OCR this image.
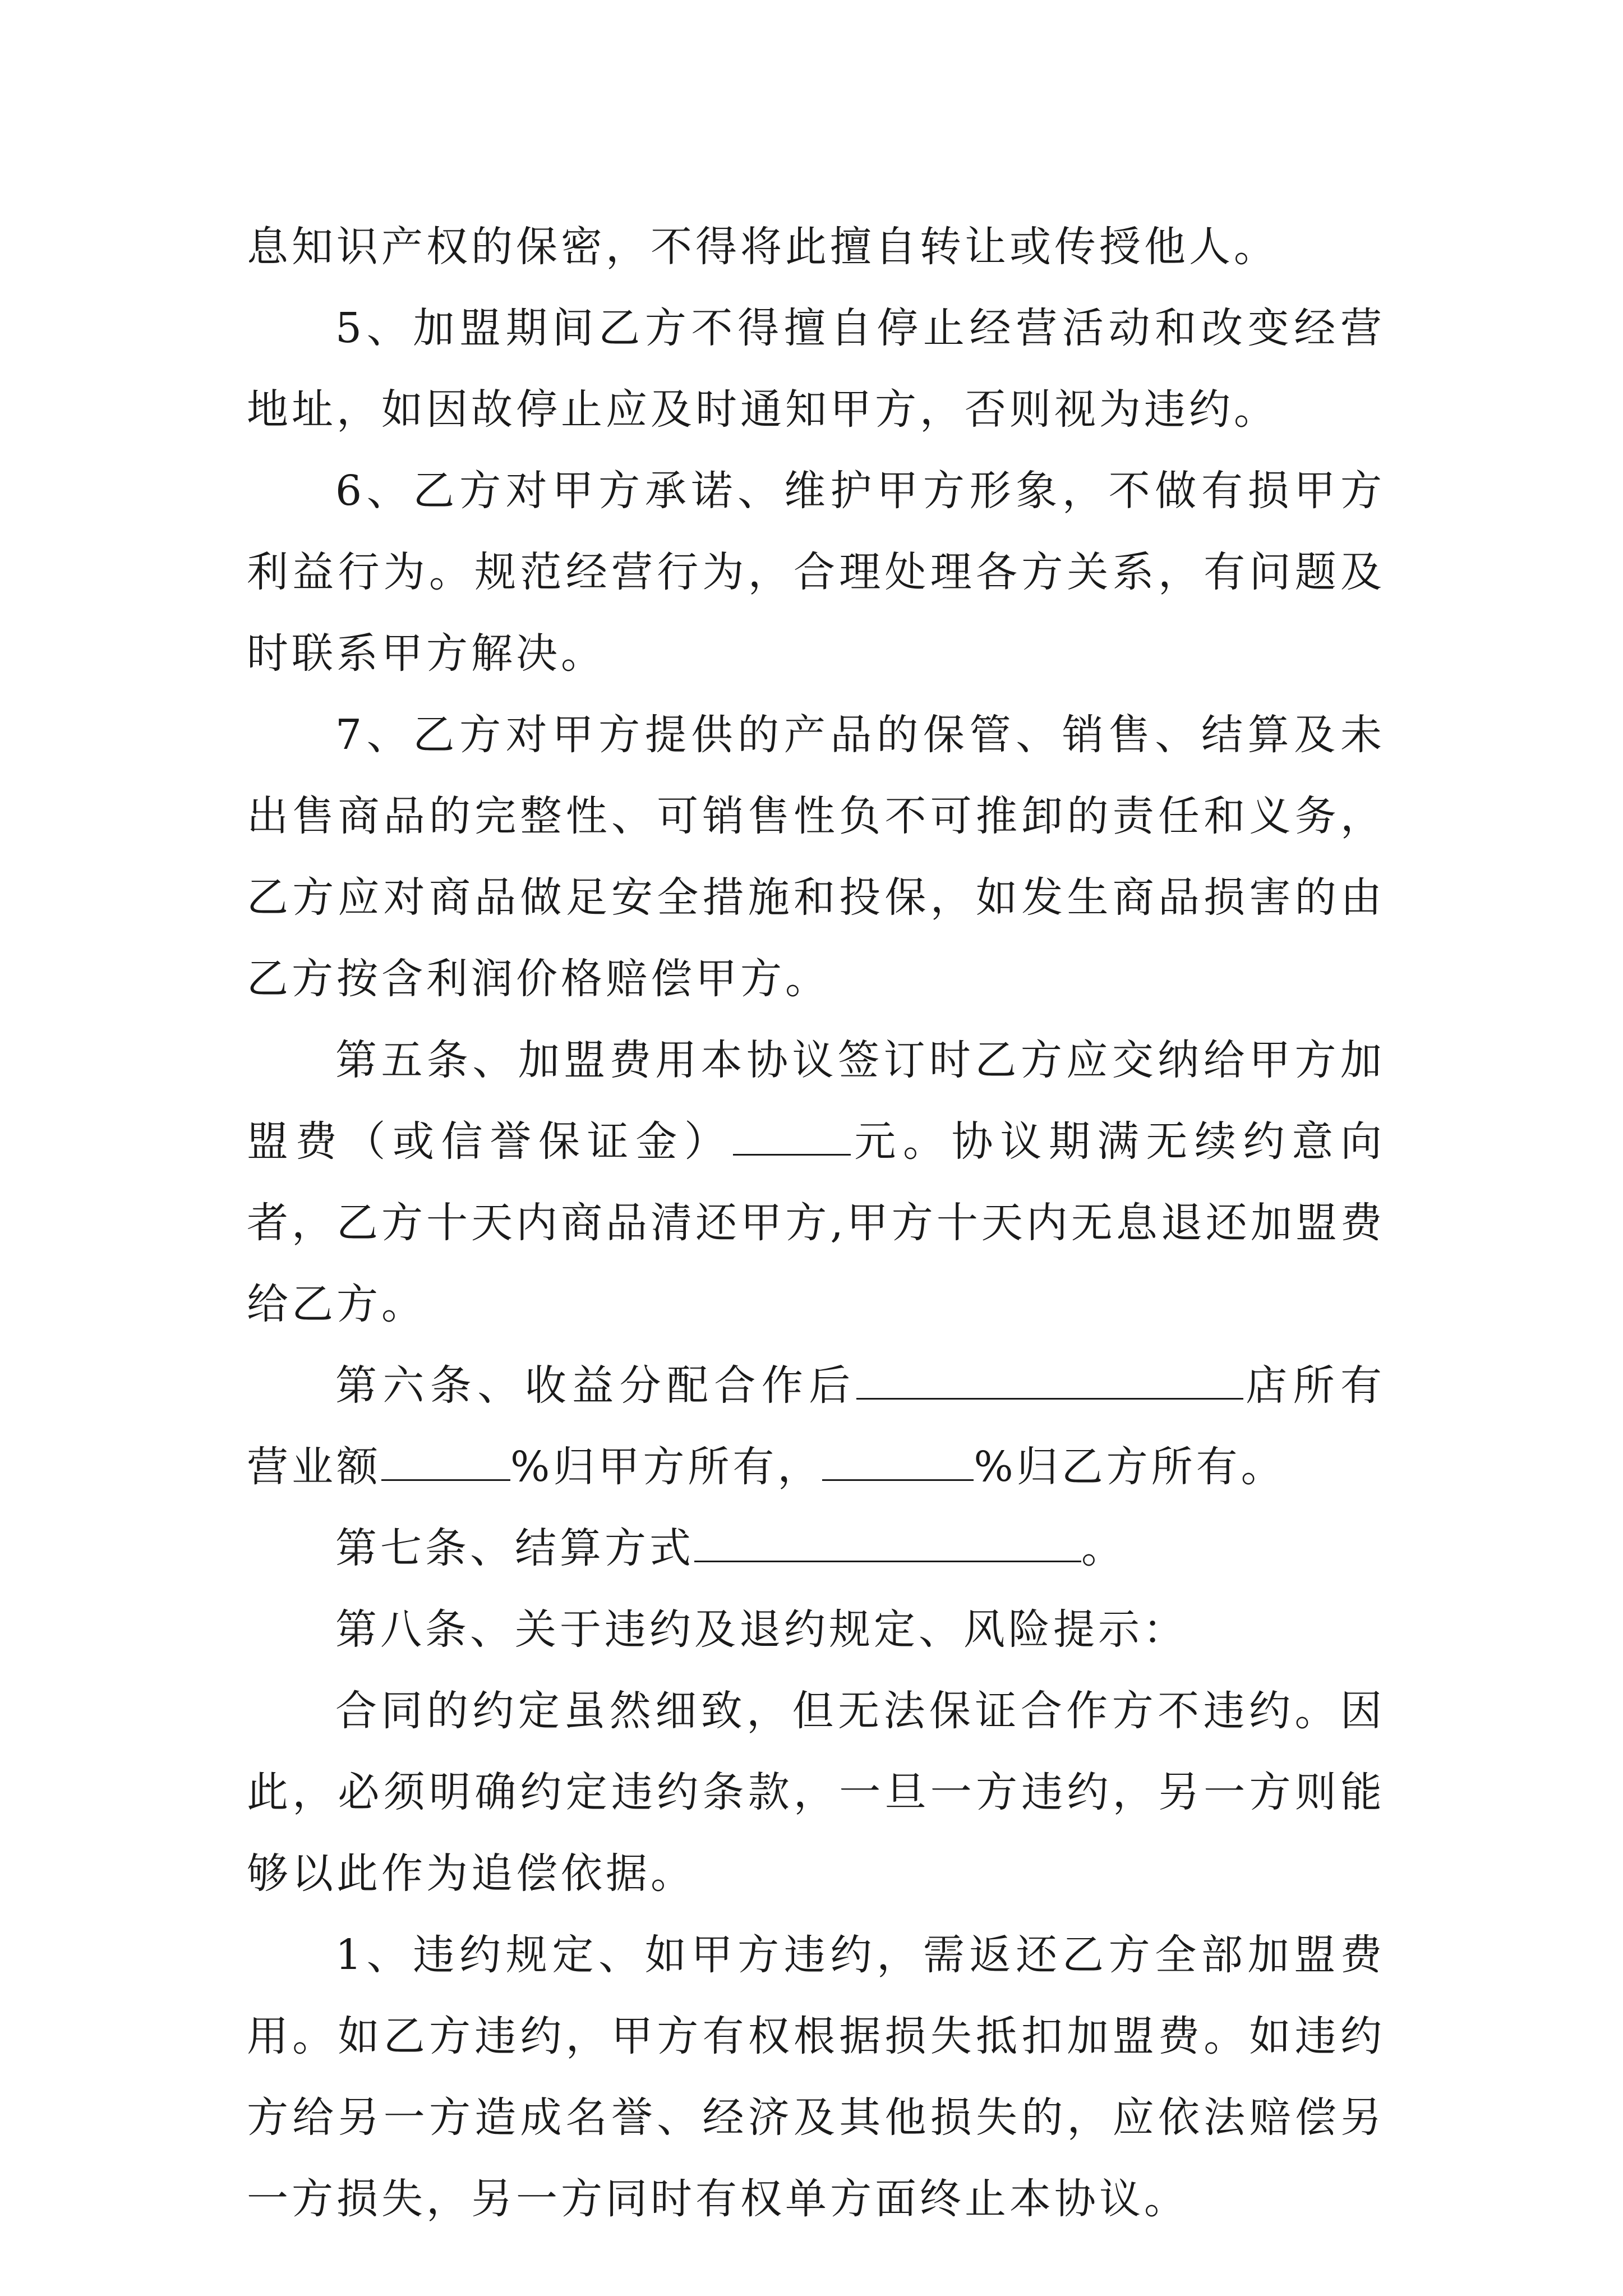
息知识产权的保密，不得将此擅自转让或传授他人。

5、加盟期间乙方不得擅自停止经营活动和改变经营地址，如因故停止应及时通知甲方，否则视为违约。

6、乙方对甲方承诺、维护甲方形象，不做有损甲方利益行为。规范经营行为，合理处理各方关系，有问题及时联系甲方解决。

7、乙方对甲方提供的产品的保管、销售、结算及未出售商品的完整性、可销售性负不可推卸的责任和义务，乙方应对商品做足安全措施和投保，如发生商品损害的由乙方按含利润价格赔偿甲方。

第五条、加盟费用本协议签订时乙方应交纳给甲方加盟费（或信誉保证金）	元。协议期满无续约意向者，乙方十天内商品清还甲方,甲方十天内无息退还加盟费给乙方。

第六条、收益分配合作后	店所有营业额	%归甲方所有，	%归乙方所有。

第七条、结算方式	。

第八条、关于违约及退约规定、风险提示：

合同的约定虽然细致，但无法保证合作方不违约。因此，必须明确约定违约条款，一旦一方违约，另一方则能够以此作为追偿依据。

1、违约规定、如甲方违约，需返还乙方全部加盟费用。如乙方违约，甲方有权根据损失抵扣加盟费。如违约方给另一方造成名誉、经济及其他损失的，应依法赔偿另一方损失，另一方同时有权单方面终止本协议。
